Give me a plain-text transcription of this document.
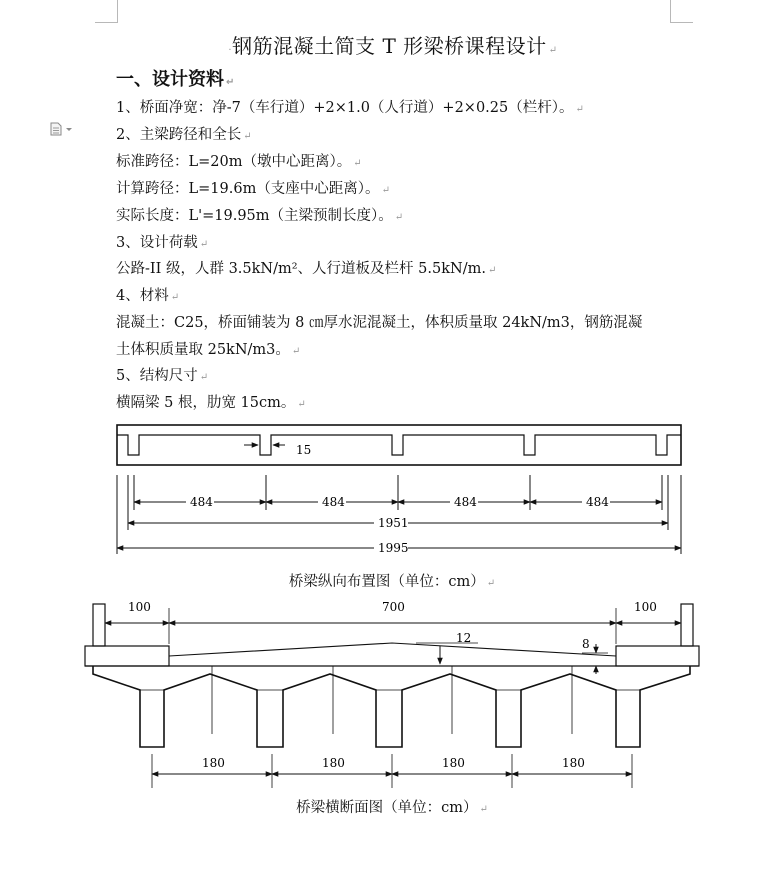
·钢筋混凝土简支 T 形梁桥课程设计 ↵
一、设计资料 ↵
1、桥面净宽：净-7（车行道）+2×1.0（人行道）+2×0.25（栏杆）。 ↵
2、主梁跨径和全长 ↵
标准跨径：L=20m（墩中心距离）。 ↵
计算跨径：L=19.6m（支座中心距离）。 ↵
实际长度：L'=19.95m（主梁预制长度）。 ↵
3、设计荷载 ↵
公路-II 级，人群 3.5kN/m²、人行道板及栏杆 5.5kN/m. ↵
4、材料 ↵
混凝土：C25，桥面铺装为 8 ㎝厚水泥混凝土，体积质量取 24kN/m3，钢筋混凝
土体积质量取 25kN/m3。 ↵
5、结构尺寸 ↵
横隔梁 5 根，肋宽 15cm。 ↵
15
484	484	484	484
1951
1995
桥梁纵向布置图（单位：cm） ↵
100	700	100
12	8
180	180	180	180
桥梁横断面图（单位：cm） ↵
